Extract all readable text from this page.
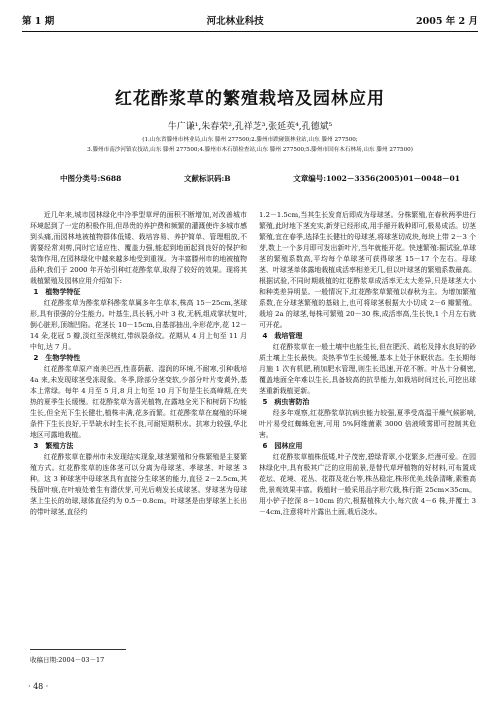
第 1 期	河北林业科技	2005 年 2 月
红花酢浆草的繁殖栽培及园林应用
牛广谦¹,朱春荣²,孔祥芝³,张延英⁴,孔德斌⁵
(1.山东省滕州市林业局,山东 滕州 277500;2.滕州市跌碰镇林业站,山东 滕州 277500;
3.滕州市南沙河镇农技站,山东 滕州 277500;4.滕州市木石镇检查站,山东 滕州 277500;5.滕州市国有木石林场,山东 滕州 277500)
中图分类号:S688	文献标识码:B	文章编号:1002－3356(2005)01－0048－01

近几年来,城市园林绿化中冷季型草坪的面积不断增加,对改善城市环境起到了一定的积极作用,但昂贵的养护费和频繁的灌溉使许多城市感到头痛,而园林地被植物群体低矮、栽培容易、养护简单、管理粗放,不需要经常刈剪,同时它适应性、覆盖力强,能起到地面起到良好的保护和装饰作用,在园林绿化中越来越多地受到重视。为丰富滕州市的地被植物品种,我们于 2000 年开始引种红花酢浆草,取得了较好的效果。现将其栽植繁殖及园林应用介绍如下:

1　植物学特征

红花酢浆草为酢浆草科酢浆草属多年生草本,株高 15－25cm,茎球形,具有很强的分生能力。叶基生,具长柄,小叶 3 枚,无柄,组成掌状复叶,倒心脏形,顶端凹陷。花茎长 10－15cm,自基部抽出,伞形花序,花 12－14 朵,花冠 5 瓣,淡红至深桃红,带纵裂条纹。花期从 4 月上旬至 11 月中旬,达 7 月。

2　生物学特性

红花酢浆草原产南美巴西,性喜荫蔽、湿润的环境,不耐寒,引种栽培 4a 来,未发现球茎受冻现象。冬季,除部分茎变软,少部分叶片变黄外,基本上常绿。每年 4 月至 5 月,8 月上旬至 10 月下旬是生长高峰期,在夹热的夏季生长缓慢。红花酢浆草为喜光植物,在露地全光下和树荫下均能生长,但全光下生长健壮,植株丰满,花多而繁。红花酢浆草在腐殖的环境条件下生长良好,干旱缺水时生长不良,可耐短期积水。抗寒力较强,华北地区可露地栽植。

3　繁殖方法

红花酢浆草在滕州市未发现结实现象,球茎繁殖和分株繁殖是主要繁殖方式。红花酢浆草的连体茎可以分离为母球茎、孝球茎、叶球茎 3 种。这 3 种球茎中母球茎具有直接分生球茎的能力,直径 2－2.5cm,其残留叶痕,在叶痕处着生有潜伏芽,可光后萌发长成球茎。芽球茎为母球茎上生长的幼球,球体直径约为 0.5－0.8cm。叶球茎是由芽球茎上长出的带叶球茎,直径约

1.2－1.5cm,当其生长发育后即成为母球茎。分株繁殖,在春秋两季进行繁殖,此时地下茎充实,新芽已经形成,用手掰开栽种即可,极易成活。切茎繁殖,宜在春季,选择生长健壮的母球茎,将球茎切成块,每块上带 2－3 个芽,数上一个多月即可发出新叶片,当年就能开花。快速繁殖:掘试验,单球茎的繁殖系数高,平均每个单球茎可获得球茎 15－17 个左右。母球茎、叶球茎单体露地栽植成活率相差无几,但以叶球茎的繁殖系数最高。根据试验,不同时期栽植的红花酢浆草成活率无太大差异,只是球茎大小和种类差异明显。一般情况下,红花酢浆草繁殖以春秋为主。为增加繁殖系数,在分球茎繁殖的基础上,也可将球茎根据大小切成 2－6 瓣繁殖。栽培 2a 的球茎,每株可繁殖 20－30 株,成活率高,生长快,1 个月左右就可开花。

4　栽培管理

红花酢浆草在一般土壤中也能生长,但在肥沃、疏松及排水良好的砂质土壤上生长最快。炎热季节生长缓慢,基本上处于休眠状态。生长期每月施 1 次有机肥,稍加肥水管理,则生长迅速,开花不断。叶丛十分稠密,覆盖地面全年难以生长,具备较高的抗旱能力,如栽培时间过长,可挖出球茎重新栽植更新。

5　病虫害防治

经多年观察,红花酢浆草抗病虫能力较强,夏季受高温干燥气候影响,叶片易受红蜘蛛危害,可用 5%阿维菌素 3000 倍液喷雾即可控制其危害。

6　园林应用

红花酢浆草植株低矮,叶子茂密,碧绿青翠,小花繁多,烂漫可爱。在园林绿化中,具有极其广泛的应用前景,是替代草坪植物的好材料,可布置成花坛、花境、花丛、花群及花台等,株丛稳定,株形优美,线条清晰,素雅高贵,景观效果丰富。栽植时一般采用品字形穴栽,株行距 25cm×35cm。用小铲子挖深 8－10cm 的穴,根据植株大小,每穴放 4－6 株,并覆土 3－4cm,注意将叶片露出土面,栽后浇水。

收稿日期:2004－03－17
· 48 ·
